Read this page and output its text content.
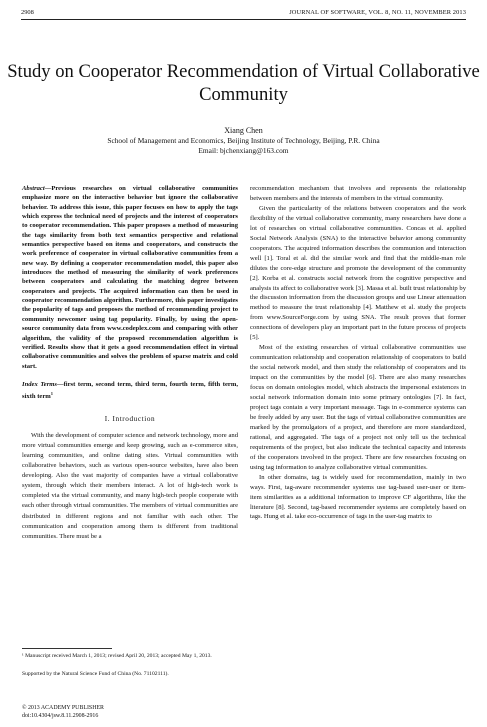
2908	JOURNAL OF SOFTWARE, VOL. 8, NO. 11, NOVEMBER 2013
Study on Cooperator Recommendation of Virtual Collaborative Community
Xiang Chen
School of Management and Economics, Beijing Institute of Technology, Beijing, P.R. China
Email: bjchenxiang@163.com

Abstract—Previous researches on virtual collaborative communities emphasize more on the interactive behavior but ignore the collaborative behavior. To address this issue, this paper focuses on how to apply the tags which express the technical need of projects and the interest of cooperators to cooperator recommendation. This paper proposes a method of measuring the tags similarity from both text semantics perspective and relational semantics perspective based on items and cooperators, and constructs the work preference of cooperator in virtual collaborative communities from a new way. By defining a cooperator recommendation model, this paper also introduces the method of measuring the similarity of work preferences between cooperators and calculating the matching degree between cooperators and projects. The acquired information can then be used in cooperator recommendation algorithm. Furthermore, this paper investigates the popularity of tags and proposes the method of recommending project to community newcomer using tag popularity. Finally, by using the open-source community data from www.codeplex.com and comparing with other algorithm, the validity of the proposed recommendation algorithm is verified. Results show that it gets a good recommendation effect in virtual collaborative communities and solves the problem of sparse matrix and cold start.

Index Terms—first term, second term, third term, fourth term, fifth term, sixth term$^1$

I. Introduction

With the development of computer science and network technology, more and more virtual communities emerge and keep growing, such as e-commerce sites, learning communities, and online dating sites. Virtual communities with collaborative behaviors, such as various open-source websites, have also been developing. Also the vast majority of companies have a virtual collaborative system, through which their members interact. A lot of high-tech work is completed via the virtual community, and many high-tech people cooperate with each other through virtual communities. The members of virtual communities are distributed in different regions and not familiar with each other. The communication and cooperation among them is different from traditional communities. There must be a

recommendation mechanism that involves and represents the relationship between members and the interests of members in the virtual community.

Given the particularity of the relations between cooperators and the work flexibility of the virtual collaborative community, many researchers have done a lot of researches on virtual collaborative communities. Concas et al. applied Social Network Analysis (SNA) to the interactive behavior among community cooperators. The acquired information describes the communion and interaction well [1]. Toral et al. did the similar work and find that the middle-man role dilutes the core-edge structure and promote the development of the community [2]. Korba et al. constructs social network from the cognitive perspective and analysis its affect to collaborative work [3]. Massa et al. built trust relationship by the discussion information from the discussion groups and use Linear attenuation method to measure the trust relationship [4]. Matthew et al. study the projects from www.SourceForge.com by using SNA. The result proves that former connections of developers play an important part in the future process of projects [5].

Most of the existing researches of virtual collaborative communities use communication relationship and cooperation relationship of cooperators to build the social network model, and then study the relationship of cooperators and its impact on the communities by the model [6]. There are also many researches focus on domain ontologies model, which abstracts the impersonal existences in social network information domain into some primary ontologies [7]. In fact, project tags contain a very important message. Tags in e-commerce systems can be freely added by any user. But the tags of virtual collaborative communities are marked by the promulgators of a project, and therefore are more standardized, rational, and aggregated. The tags of a project not only tell us the technical requirements of the project, but also indicate the technical capacity and interests of the cooperators involved in the project. There are few researches focusing on using tag information to analyze collaborative virtual communities.

In other domains, tag is widely used for recommendation, mainly in two ways. First, tag-aware recommender systems use tag-based user-user or item-item similarities as a additional information to improve CF algorithms, like the literature [8]. Second, tag-based recommender systems are completely based on tags. Hung et al. take eco-occurrence of tags in the user-tag matrix to

¹ Manuscript received March 1, 2013; revised April 20, 2013; accepted May 1, 2013.
Supported by the Natural Science Fund of China (No. 71102111).
© 2013 ACADEMY PUBLISHER
doi:10.4304/jsw.8.11.2908-2916
